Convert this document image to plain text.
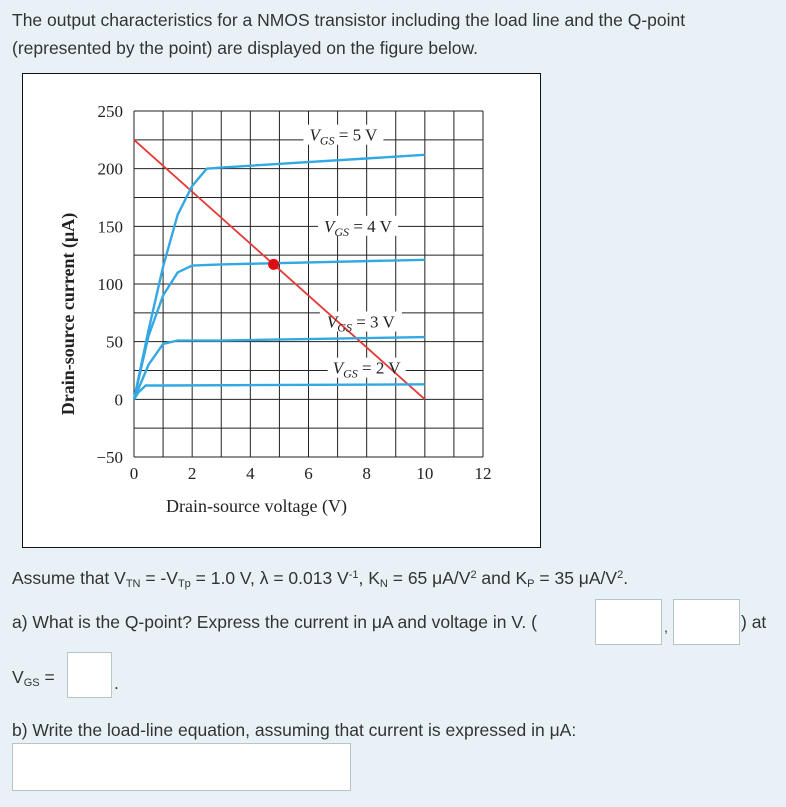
The output characteristics for a NMOS transistor including the load line and the Q-point
(represented by the point) are displayed on the figure below.

0	2	4	6	8	10 12
250
200
150
100
50
0
−50
Drain-source voltage (V)
Drain-source current (μA)
$V_{GS} = 5$ V
$V_{GS} = 4$ V
$V_{GS} = 3$ V
$V_{GS} = 2$ V

Assume that $V_{TN} = -V_{Tp} = 1.0$ V, λ = 0.013 $V^{-1}$, $K_N = 65$ $\mu A/V^2$ and $K_P = 35$ $\mu A/V^2$.

a) What is the Q-point? Express the current in μA and voltage in V. (	,	) at
$V_{GS}$ =	.

b) Write the load-line equation, assuming that current is expressed in μA:
